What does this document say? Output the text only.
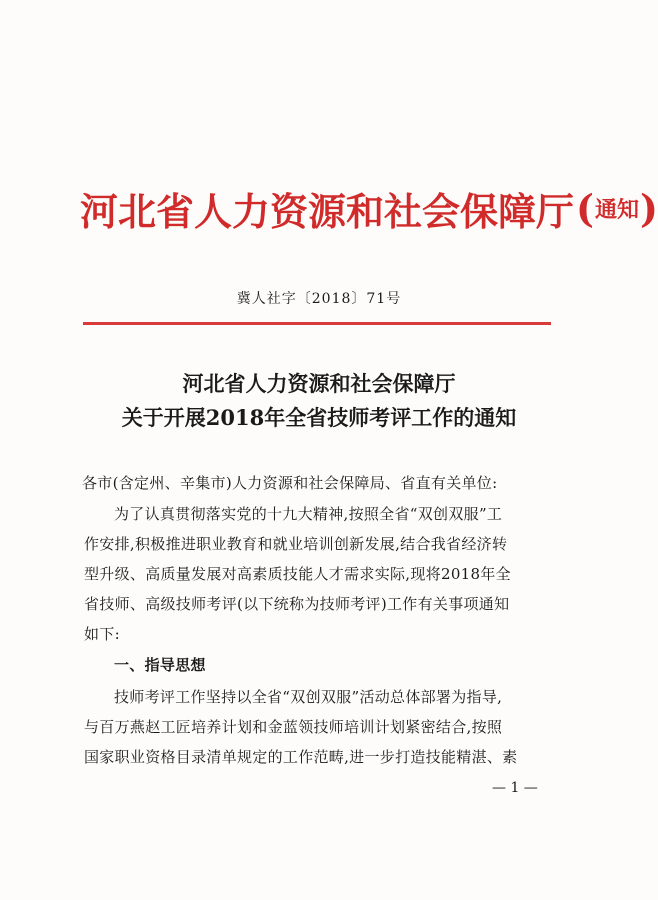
河北省人力资源和社会保障厅 ( 通知 )
冀人社字〔2018〕71号
河北省人力资源和社会保障厅
关于开展2018年全省技师考评工作的通知
各市(含定州、辛集市)人力资源和社会保障局、省直有关单位:
为了认真贯彻落实党的十九大精神,按照全省“双创双服”工
作安排,积极推进职业教育和就业培训创新发展,结合我省经济转
型升级、高质量发展对高素质技能人才需求实际,现将2018年全
省技师、高级技师考评(以下统称为技师考评)工作有关事项通知
如下:
一、指导思想
技师考评工作坚持以全省“双创双服”活动总体部署为指导,
与百万燕赵工匠培养计划和金蓝领技师培训计划紧密结合,按照
国家职业资格目录清单规定的工作范畴,进一步打造技能精湛、素
— 1 —
